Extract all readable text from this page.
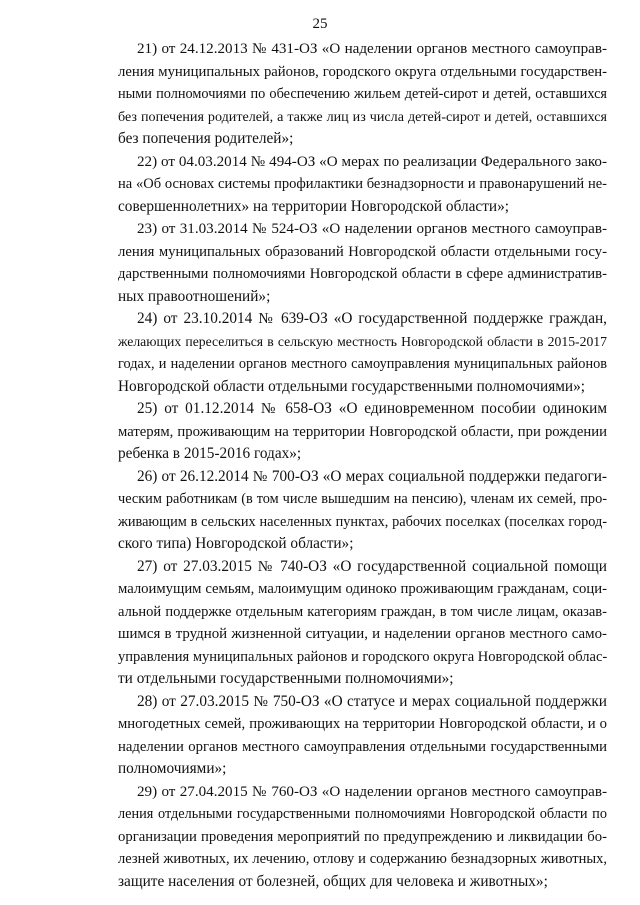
25
21) от 24.12.2013 № 431-ОЗ «О наделении органов местного самоуправ-
ления муниципальных районов, городского округа отдельными государствен-
ными полномочиями по обеспечению жильем детей-сирот и детей, оставшихся
без попечения родителей, а также лиц из числа детей-сирот и детей, оставшихся
без попечения родителей»;
22) от 04.03.2014 № 494-ОЗ «О мерах по реализации Федерального зако-
на «Об основах системы профилактики безнадзорности и правонарушений не-
совершеннолетних» на территории Новгородской области»;
23) от 31.03.2014 № 524-ОЗ «О наделении органов местного самоуправ-
ления муниципальных образований Новгородской области отдельными госу-
дарственными полномочиями Новгородской области в сфере административ-
ных правоотношений»;
24) от 23.10.2014 № 639-ОЗ «О государственной поддержке граждан,
желающих переселиться в сельскую местность Новгородской области в 2015-2017
годах, и наделении органов местного самоуправления муниципальных районов
Новгородской области отдельными государственными полномочиями»;
25) от 01.12.2014 № 658-ОЗ «О единовременном пособии одиноким
матерям, проживающим на территории Новгородской области, при рождении
ребенка в 2015-2016 годах»;
26) от 26.12.2014 № 700-ОЗ «О мерах социальной поддержки педагоги-
ческим работникам (в том числе вышедшим на пенсию), членам их семей, про-
живающим в сельских населенных пунктах, рабочих поселках (поселках город-
ского типа) Новгородской области»;
27) от 27.03.2015 № 740-ОЗ «О государственной социальной помощи
малоимущим семьям, малоимущим одиноко проживающим гражданам, соци-
альной поддержке отдельным категориям граждан, в том числе лицам, оказав-
шимся в трудной жизненной ситуации, и наделении органов местного само-
управления муниципальных районов и городского округа Новгородской облас-
ти отдельными государственными полномочиями»;
28) от 27.03.2015 № 750-ОЗ «О статусе и мерах социальной поддержки
многодетных семей, проживающих на территории Новгородской области, и о
наделении органов местного самоуправления отдельными государственными
полномочиями»;
29) от 27.04.2015 № 760-ОЗ «О наделении органов местного самоуправ-
ления отдельными государственными полномочиями Новгородской области по
организации проведения мероприятий по предупреждению и ликвидации бо-
лезней животных, их лечению, отлову и содержанию безнадзорных животных,
защите населения от болезней, общих для человека и животных»;
